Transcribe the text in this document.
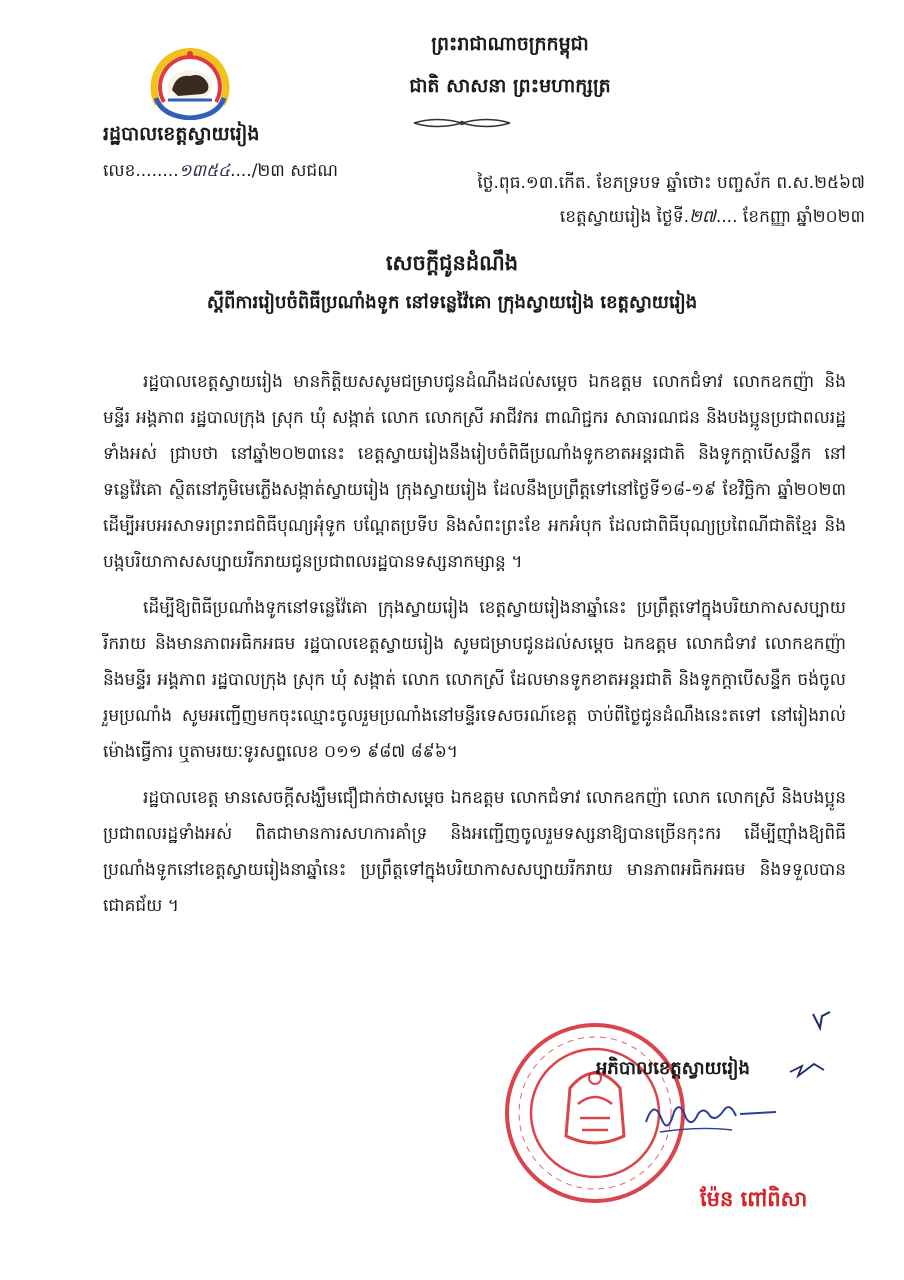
ព្រះរាជាណាចក្រកម្ពុជា
ជាតិ សាសនា ព្រះមហាក្សត្រ
រដ្ឋបាលខេត្តស្វាយរៀង
លេខ........១៣៥៤..../២៣ សជណ
ថ្ងៃ.ពុធ.១៣.កើត. ខែភទ្របទ ឆ្នាំថោះ បញ្ចស័ក ព.ស.២៥៦៧
ខេត្តស្វាយរៀង ថ្ងៃទី.២៧.... ខែកញ្ញា ឆ្នាំ២០២៣
សេចក្តីជូនដំណឹង
ស្តីពីការរៀបចំពិធីប្រណាំងទូក នៅទន្លេវ៉ៃគោ ក្រុងស្វាយរៀង ខេត្តស្វាយរៀង

រដ្ឋបាលខេត្តស្វាយរៀង មានកិត្តិយសសូមជម្រាបជូនដំណឹងដល់សម្តេច ឯកឧត្តម លោកជំទាវ លោកឧកញ៉ា និងមន្ទីរ អង្គភាព រដ្ឋបាលក្រុង ស្រុក ឃុំ សង្កាត់ លោក លោកស្រី អាជីវករ ពាណិជ្ជករ សាធារណជន និងបងប្អូនប្រជាពលរដ្ឋទាំងអស់ ជ្រាបថា នៅឆ្នាំ២០២៣នេះ ខេត្តស្វាយរៀងនឹងរៀបចំពិធីប្រណាំងទូកខាតអន្តរជាតិ និងទូកក្តាបើសន្ទឹក នៅទន្លេវ៉ៃគោ ស្ថិតនៅភូមិមេភ្លើងសង្កាត់ស្វាយរៀង ក្រុងស្វាយរៀង ដែលនឹងប្រព្រឹត្តទៅនៅថ្ងៃទី១៨-១៩ ខែវិច្ឆិកា ឆ្នាំ២០២៣ ដើម្បីអបអរសាទរព្រះរាជពិធីបុណ្យអុំទូក បណ្តែតប្រទីប និងសំពះព្រះខែ អកអំបុក ដែលជាពិធីបុណ្យប្រពៃណីជាតិខ្មែរ និងបង្កបរិយាកាសសប្បាយរីករាយជូនប្រជាពលរដ្ឋបានទស្សនាកម្សាន្ត ។

ដើម្បីឱ្យពិធីប្រណាំងទូកនៅទន្លេវ៉ៃគោ ក្រុងស្វាយរៀង ខេត្តស្វាយរៀងនាឆ្នាំនេះ ប្រព្រឹត្តទៅក្នុងបរិយាកាសសប្បាយរីករាយ និងមានភាពអធិកអធម រដ្ឋបាលខេត្តស្វាយរៀង សូមជម្រាបជូនដល់សម្តេច ឯកឧត្តម លោកជំទាវ លោកឧកញ៉ា និងមន្ទីរ អង្គភាព រដ្ឋបាលក្រុង ស្រុក ឃុំ សង្កាត់ លោក លោកស្រី ដែលមានទូកខាតអន្តរជាតិ និងទូកក្តាបើសន្ទឹក ចង់ចូលរួមប្រណាំង សូមអញ្ជើញមកចុះឈ្មោះចូលរួមប្រណាំងនៅមន្ទីរទេសចរណ៍ខេត្ត ចាប់ពីថ្ងៃជូនដំណឹងនេះតទៅ នៅរៀងរាល់ម៉ោងធ្វើការ ឬតាមរយៈទូរសព្ទលេខ ០១១ ៩៨៧ ៨៩៦។

រដ្ឋបាលខេត្ត មានសេចក្តីសង្ឃឹមជឿជាក់ថាសម្តេច ឯកឧត្តម លោកជំទាវ លោកឧកញ៉ា លោក លោកស្រី និងបងប្អូនប្រជាពលរដ្ឋទាំងអស់ ពិតជាមានការសហការគាំទ្រ និងអញ្ជើញចូលរួមទស្សនាឱ្យបានច្រើនកុះករ ដើម្បីញ៉ាំងឱ្យពិធីប្រណាំងទូកនៅខេត្តស្វាយរៀងនាឆ្នាំនេះ ប្រព្រឹត្តទៅក្នុងបរិយាកាសសប្បាយរីករាយ មានភាពអធិកអធម និងទទួលបានជោគជ័យ ។

អភិបាលខេត្តស្វាយរៀង
ម៉ែន ពៅពិសា
